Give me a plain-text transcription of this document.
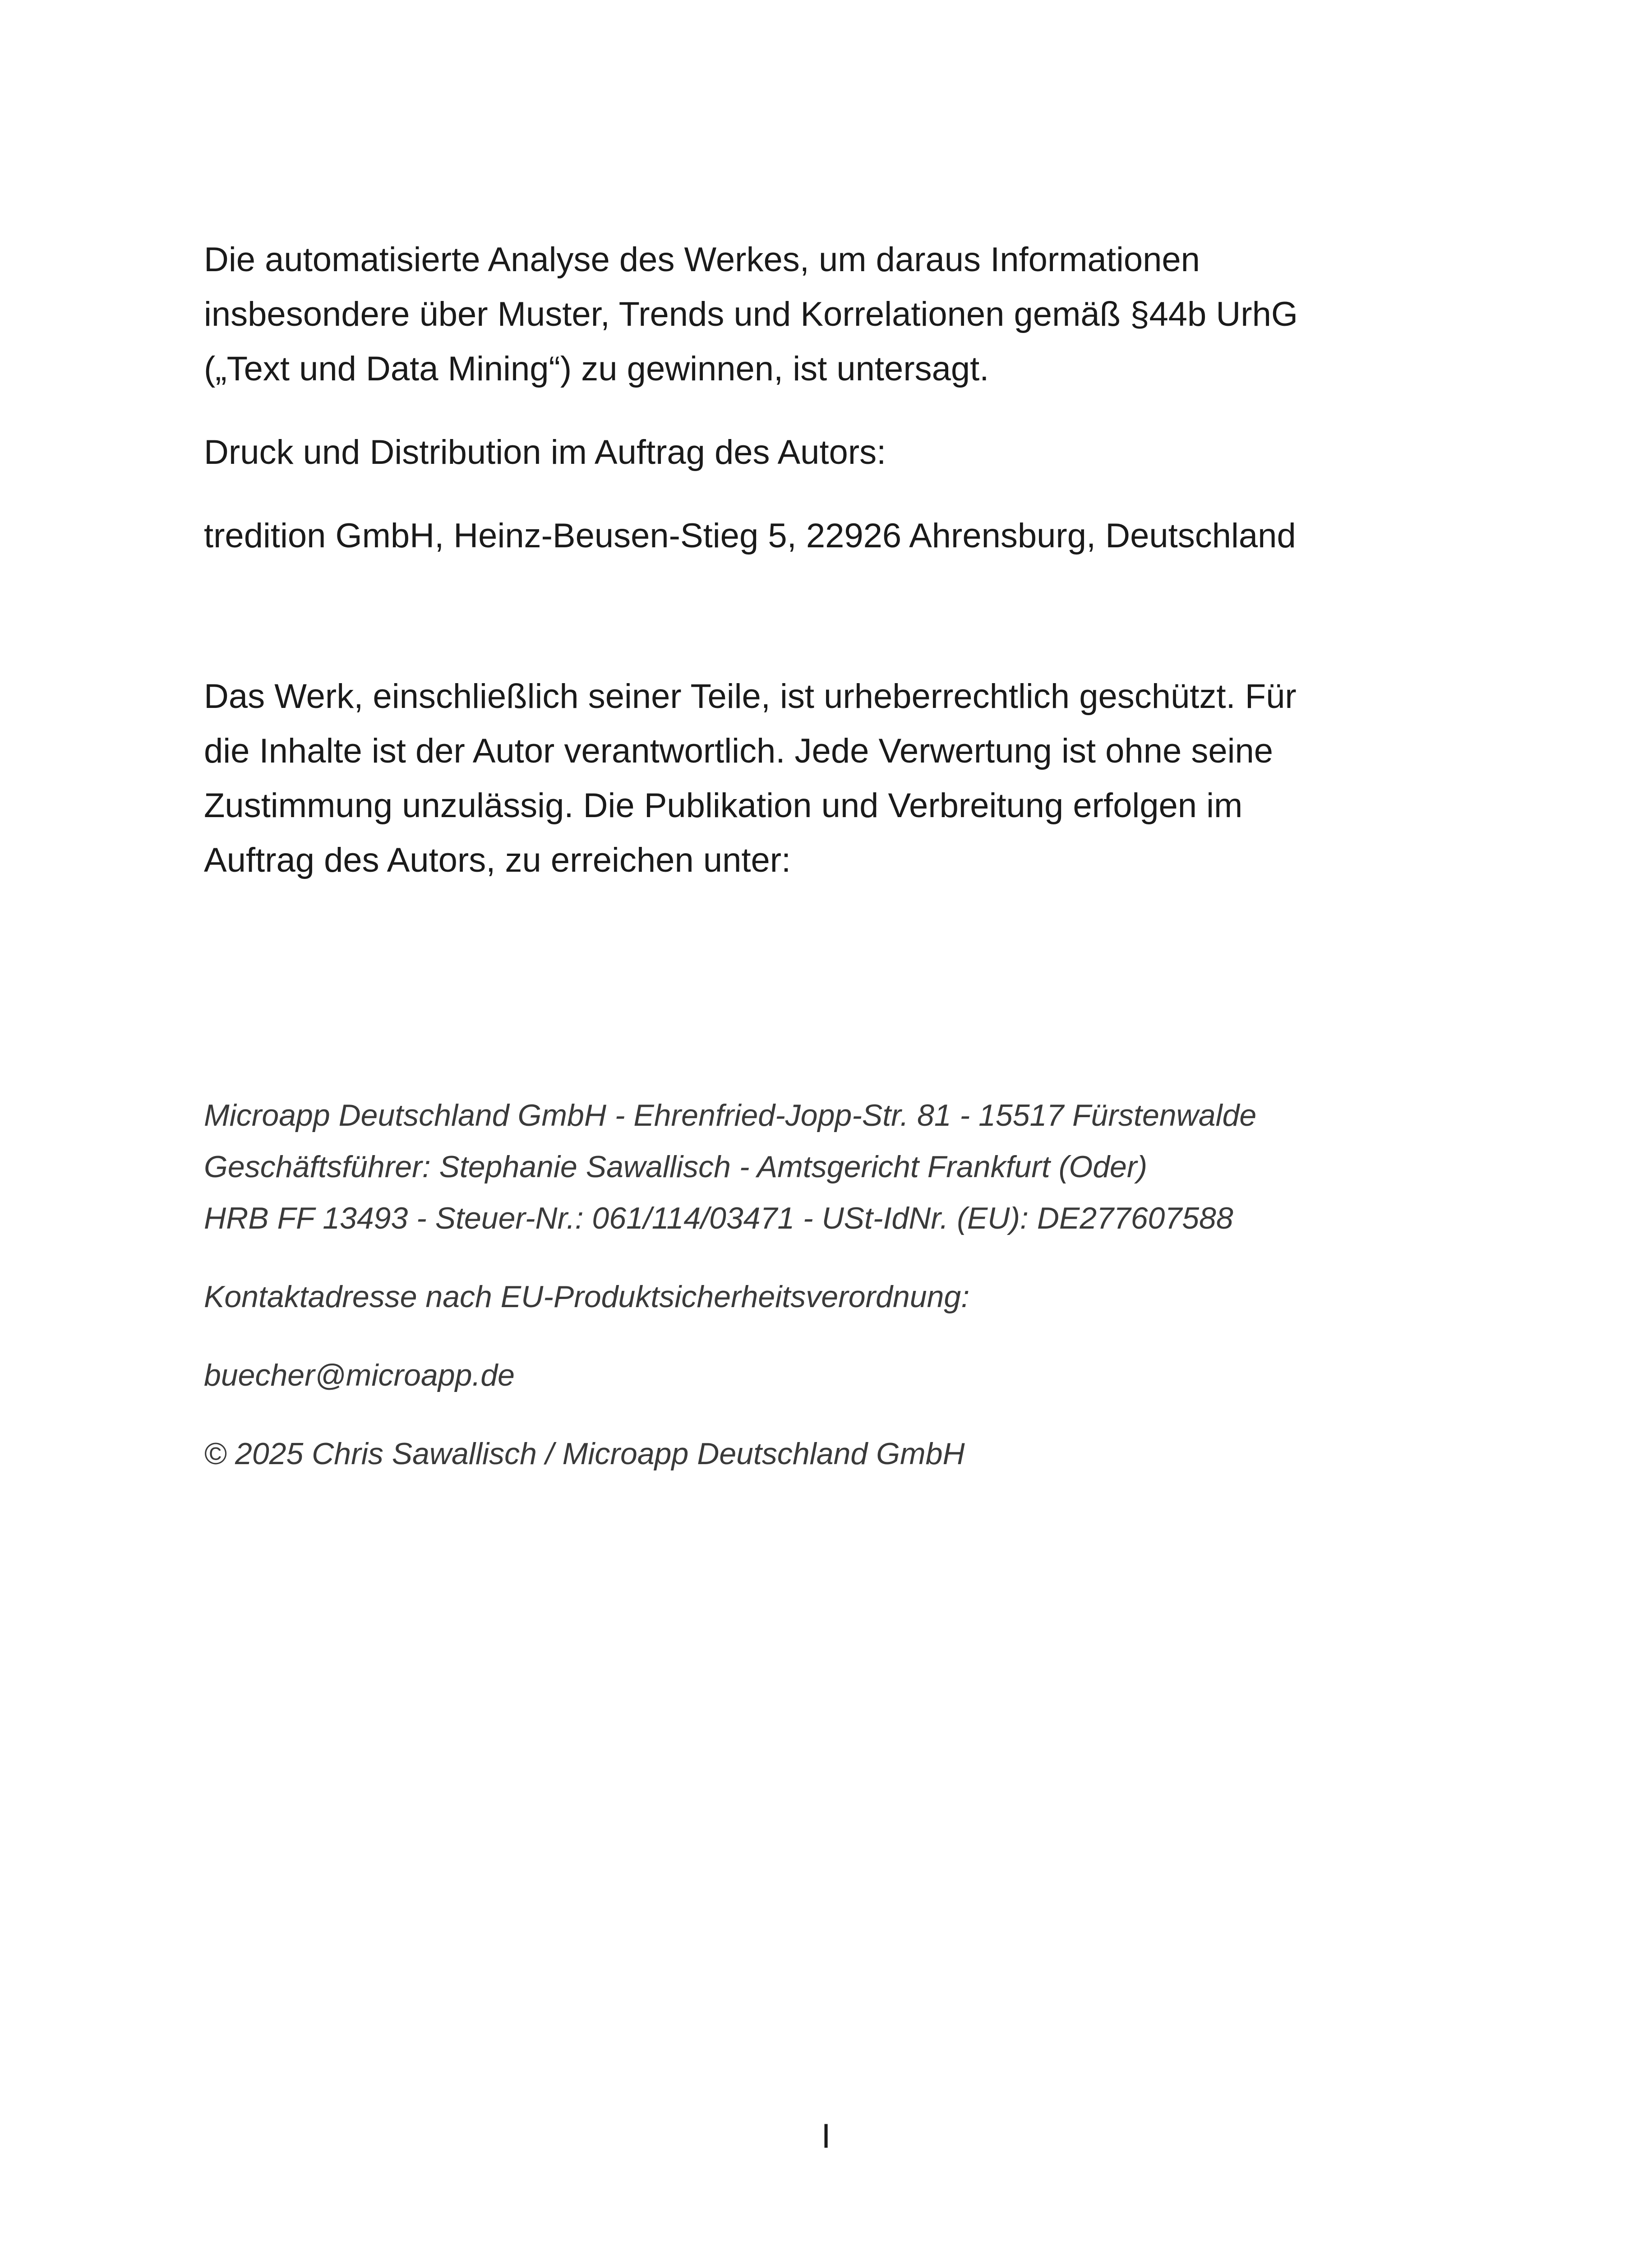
Die automatisierte Analyse des Werkes, um daraus Informationen
insbesondere über Muster, Trends und Korrelationen gemäß §44b UrhG
(„Text und Data Mining“) zu gewinnen, ist untersagt.

Druck und Distribution im Auftrag des Autors:

tredition GmbH, Heinz-Beusen-Stieg 5, 22926 Ahrensburg, Deutschland

Das Werk, einschließlich seiner Teile, ist urheberrechtlich geschützt. Für
die Inhalte ist der Autor verantwortlich. Jede Verwertung ist ohne seine
Zustimmung unzulässig. Die Publikation und Verbreitung erfolgen im
Auftrag des Autors, zu erreichen unter:

Microapp Deutschland GmbH - Ehrenfried-Jopp-Str. 81 - 15517 Fürstenwalde
Geschäftsführer: Stephanie Sawallisch - Amtsgericht Frankfurt (Oder)
HRB FF 13493 - Steuer-Nr.: 061/114/03471 - USt-IdNr. (EU): DE277607588

Kontaktadresse nach EU-Produktsicherheitsverordnung:

buecher@microapp.de

© 2025 Chris Sawallisch / Microapp Deutschland GmbH

I
